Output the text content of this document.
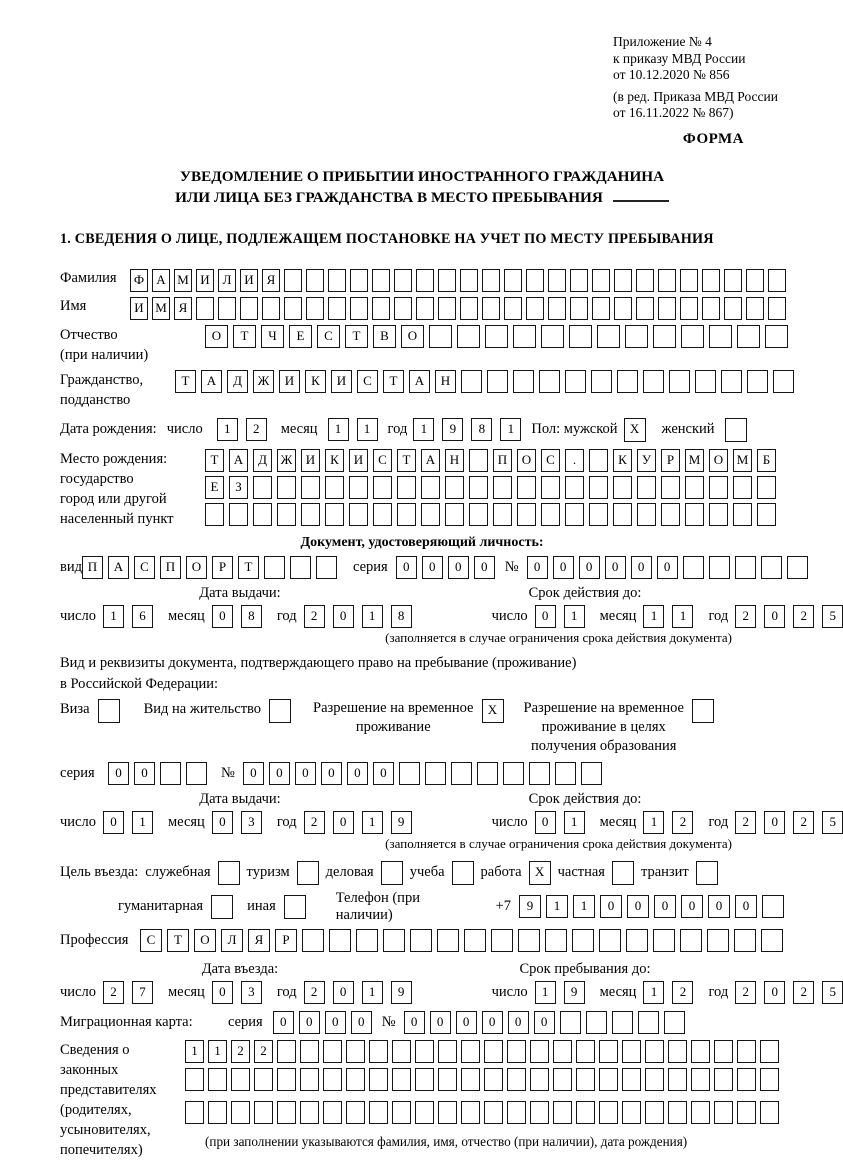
Приложение № 4
к приказу МВД России
от 10.12.2020 № 856
(в ред. Приказа МВД России
от 16.11.2022 № 867)
ФОРМА
УВЕДОМЛЕНИЕ О ПРИБЫТИИ ИНОСТРАННОГО ГРАЖДАНИНА
ИЛИ ЛИЦА БЕЗ ГРАЖДАНСТВА В МЕСТО ПРЕБЫВАНИЯ
1. СВЕДЕНИЯ О ЛИЦЕ, ПОДЛЕЖАЩЕМ ПОСТАНОВКЕ НА УЧЕТ ПО МЕСТУ ПРЕБЫВАНИЯ
Фамилия	Ф А М И Л И Я
Имя	И М Я
Отчество
(при наличии)
О	Т	Ч	Е	С	Т	В	О
Гражданство,
подданство
Т	А	Д	Ж	И	К	И	С	Т	А	Н
Дата рождения: число	1	2	месяц	1	1	год	1	9	8	1	Пол: мужской X	женский
Место рождения:
государство
город или другой
населенный пункт
Т	А	Д	Ж	И	К	И	С	Т	А	Н	П	О	С	.	К	У	Р	М	О	М	Б

Е	З

Документ, удостоверяющий личность:
вид П	А	С	П	О	Р	Т	серия	0	0	0	0	№	0	0	0	0	0	0
Дата выдачи:	Срок действия до:
число	1	6	месяц	0	8	год	2	0	1	8	число	0	1	месяц	1	1	год	2	0	2	5
(заполняется в случае ограничения срока действия документа)
Вид и реквизиты документа, подтверждающего право на пребывание (проживание)
в Российской Федерации:
Виза	Вид на жительство	Разрешение на временное
проживание
X	Разрешение на временное
проживание в целях
получения образования
серия	0	0	№	0	0	0	0	0	0
Дата выдачи:	Срок действия до:
число	0	1	месяц	0	3	год	2	0	1	9	число	0	1	месяц	1	2	год	2	0	2	5
(заполняется в случае ограничения срока действия документа)
Цель въезда: служебная туризм деловая учеба работа	X частная транзит
гуманитарная	иная
Телефон (при наличии)
+7	9	1	1	0	0	0	0	0	0
Профессия	С	Т	О	Л	Я	Р
Дата въезда:	Срок пребывания до:
число	2	7	месяц	0	3	год	2	0	1	9	число	1	9	месяц	1	2	год	2	0	2	5
Миграционная карта:	серия	0	0	0	0	№	0	0	0	0	0	0
Сведения о
законных
представителях
(родителях,
усыновителях,
попечителях)
1	1	2	2

(при заполнении указываются фамилия, имя, отчество (при наличии), дата рождения)
